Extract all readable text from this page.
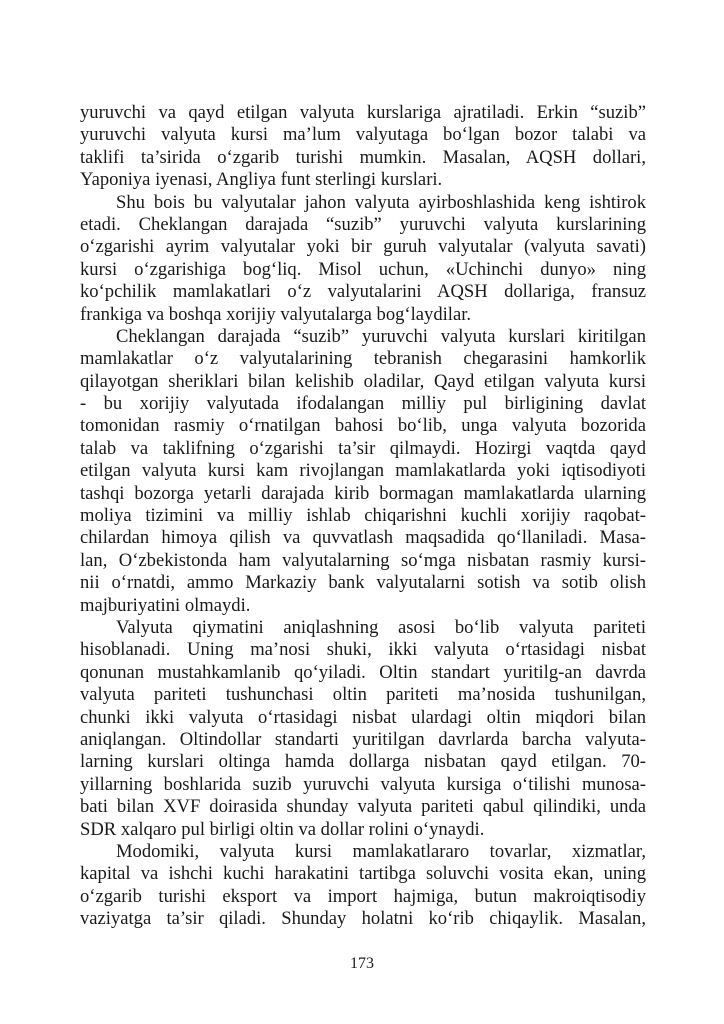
yuruvchi va qayd etilgan valyuta kurslariga ajratiladi. Erkin “suzib”
yuruvchi valyuta kursi ma’lum valyutaga bo‘lgan bozor talabi va
taklifi ta’sirida o‘zgarib turishi mumkin. Masalan, AQSH dollari,
Yaponiya iyenasi, Angliya funt sterlingi kurslari.
Shu bois bu valyutalar jahon valyuta ayirboshlashida keng ishtirok
etadi. Cheklangan darajada “suzib” yuruvchi valyuta kurslarining
o‘zgarishi ayrim valyutalar yoki bir guruh valyutalar (valyuta savati)
kursi o‘zgarishiga bog‘liq. Misol uchun, «Uchinchi dunyo» ning
ko‘pchilik mamlakatlari o‘z valyutalarini AQSH dollariga, fransuz
frankiga va boshqa xorijiy valyutalarga bog‘laydilar.
Cheklangan darajada “suzib” yuruvchi valyuta kurslari kiritilgan
mamlakatlar o‘z valyutalarining tebranish chegarasini hamkorlik
qilayotgan sheriklari bilan kelishib oladilar, Qayd etilgan valyuta kursi
- bu xorijiy valyutada ifodalangan milliy pul birligining davlat
tomonidan rasmiy o‘rnatilgan bahosi bo‘lib, unga valyuta bozorida
talab va taklifning o‘zgarishi ta’sir qilmaydi. Hozirgi vaqtda qayd
etilgan valyuta kursi kam rivojlangan mamlakatlarda yoki iqtisodiyoti
tashqi bozorga yetarli darajada kirib bormagan mamlakatlarda ularning
moliya tizimini va milliy ishlab chiqarishni kuchli xorijiy raqobat-
chilardan himoya qilish va quvvatlash maqsadida qo‘llaniladi. Masa-
lan, O‘zbekistonda ham valyutalarning so‘mga nisbatan rasmiy kursi-
nii o‘rnatdi, ammo Markaziy bank valyutalarni sotish va sotib olish
majburiyatini olmaydi.
Valyuta qiymatini aniqlashning asosi bo‘lib valyuta pariteti
hisoblanadi. Uning ma’nosi shuki, ikki valyuta o‘rtasidagi nisbat
qonunan mustahkamlanib qo‘yiladi. Oltin standart yuritilg-an davrda
valyuta pariteti tushunchasi oltin pariteti ma’nosida tushunilgan,
chunki ikki valyuta o‘rtasidagi nisbat ulardagi oltin miqdori bilan
aniqlangan. Oltindollar standarti yuritilgan davrlarda barcha valyuta-
larning kurslari oltinga hamda dollarga nisbatan qayd etilgan. 70-
yillarning boshlarida suzib yuruvchi valyuta kursiga o‘tilishi munosa-
bati bilan XVF doirasida shunday valyuta pariteti qabul qilindiki, unda
SDR xalqaro pul birligi oltin va dollar rolini o‘ynaydi.
Modomiki, valyuta kursi mamlakatlararo tovarlar, xizmatlar,
kapital va ishchi kuchi harakatini tartibga soluvchi vosita ekan, uning
o‘zgarib turishi eksport va import hajmiga, butun makroiqtisodiy
vaziyatga ta’sir qiladi. Shunday holatni ko‘rib chiqaylik. Masalan,
173
